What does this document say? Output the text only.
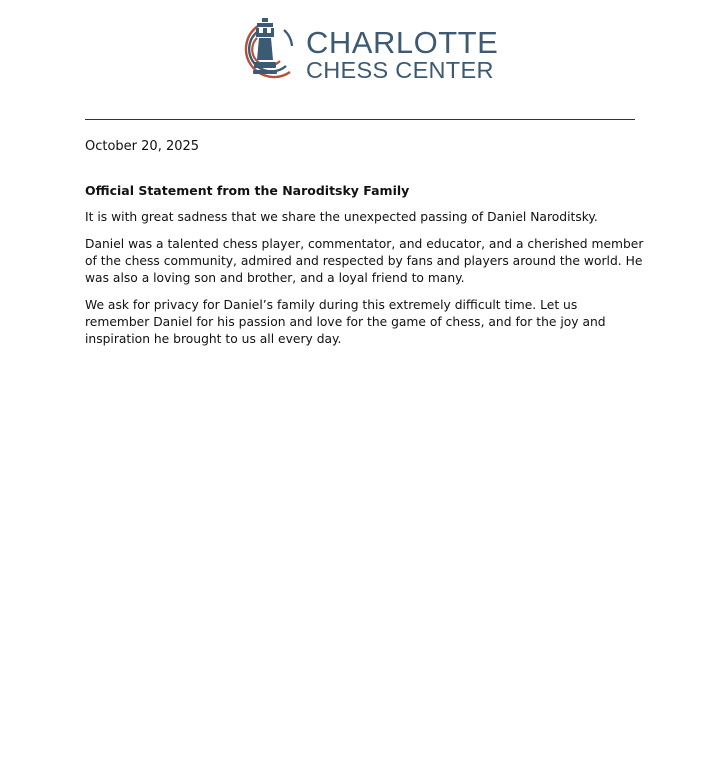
CHARLOTTE
CHESS CENTER
October 20, 2025

Official Statement from the Naroditsky Family

It is with great sadness that we share the unexpected passing of Daniel Naroditsky.

Daniel was a talented chess player, commentator, and educator, and a cherished member of the chess community, admired and respected by fans and players around the world. He was also a loving son and brother, and a loyal friend to many.

We ask for privacy for Daniel’s family during this extremely difficult time. Let us remember Daniel for his passion and love for the game of chess, and for the joy and inspiration he brought to us all every day.
